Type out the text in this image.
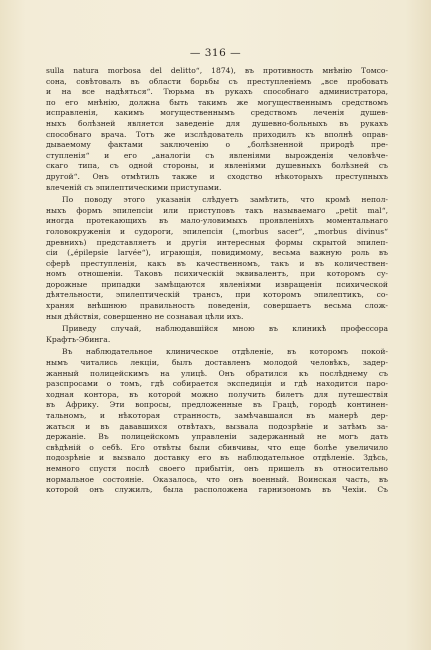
— 316 —

sulla natura morbosa del delitto“, 1874), въ противность мнѣнію Томсо-
сона, совѣтовалъ въ области борьбы съ преступленіемъ „все пробовать
и на все надѣяться“. Тюрьма въ рукахъ способнаго администратора,
по его мнѣнію, должна быть такимъ же могущественнымъ средствомъ
исправленія, какимъ могущественнымъ средствомъ леченія душев-
ныхъ болѣзней является заведеніе для душевно-больныхъ въ рукахъ
способнаго врача. Тотъ же изслѣдователь приходилъ къ вполнѣ оправ-
дываемому фактами заключенію о „болѣзненной природѣ пре-
ступленія“ и его „аналогіи съ явленіями вырожденія человѣче-
скаго типа, съ одной стороны, и явленіями душевныхъ болѣзней съ
другой“. Онъ отмѣтилъ также и сходство нѣкоторыхъ преступныхъ
влеченій съ эпилептическими приступами.

По поводу этого указанія слѣдуетъ замѣтить, что кромѣ непол-
ныхъ формъ эпилепсіи или приступовъ такъ называемаго „petit mal“,
иногда протекающихъ въ мало-уловимыхъ проявленіяхъ моментальнаго
головокруженія и судороги, эпилепсія („morbus sacer“, „morbus divinus“
древнихъ) представляетъ и другія интересныя формы скрытой эпилеп-
сіи („épilepsie larvée“), играющія, повидимому, весьма важную роль въ
сферѣ преступленія, какъ въ качественномъ, такъ и въ количествен-
номъ отношеніи. Таковъ психическій эквивалентъ, при которомъ су-
дорожные припадки замѣщаются явленіями извращенія психической
дѣятельности, эпилептическій трансъ, при которомъ эпилептикъ, со-
храняя внѣшнюю правильность поведенія, совершаетъ весьма слож-
ныя дѣйствія, совершенно не сознавая цѣли ихъ.

Приведу случай, наблюдавшійся мною въ клиникѣ профессора
Крафтъ-Эбинга.

Въ наблюдательное клиническое отдѣленіе, въ которомъ покой-
нымъ читались лекціи, былъ доставленъ молодой человѣкъ, задер-
жанный полицейскимъ на улицѣ. Онъ обратился къ послѣднему съ
разспросами о томъ, гдѣ собирается экспедиція и гдѣ находится паро-
ходная контора, въ которой можно получить билетъ для путешествія
въ Африку. Эти вопросы, предложенные въ Грацѣ, городѣ континен-
тальномъ, и нѣкоторая странность, замѣчавшаяся въ манерѣ дер-
жаться и въ дававшихся отвѣтахъ, вызвала подозрѣніе и затѣмъ за-
держаніе. Въ полицейскомъ управленіи задержанный не могъ дать
свѣдѣній о себѣ. Его отвѣты были сбивчивы, что еще болѣе увеличило
подозрѣніе и вызвало доставку его въ наблюдательное отдѣленіе. Здѣсь,
немного спустя послѣ своего прибытія, онъ пришелъ въ относительно
нормальное состояніе. Оказалось, что онъ военный. Воинская часть, въ
которой онъ служилъ, была расположена гарнизономъ въ Чехіи. Съ
